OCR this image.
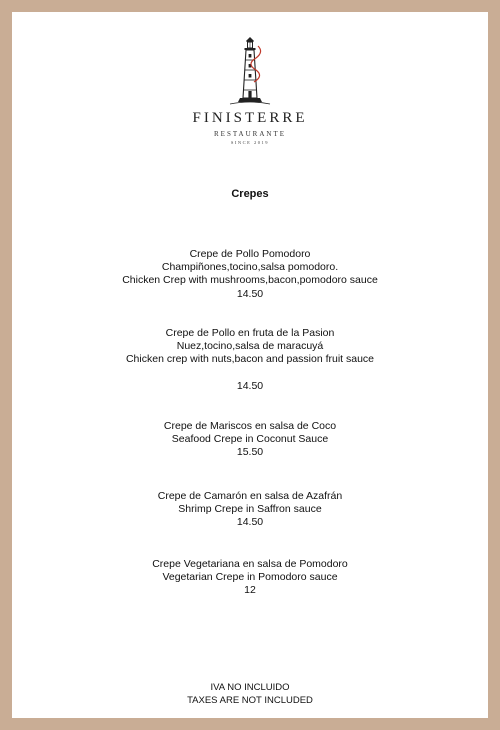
FINISTERRE
RESTAURANTE
SINCE 2019
Crepes
Crepe de Pollo Pomodoro
Champiñones,tocino,salsa pomodoro.
Chicken Crep with mushrooms,bacon,pomodoro sauce
14.50
Crepe de Pollo en fruta de la Pasion
Nuez,tocino,salsa de maracuyá
Chicken crep with nuts,bacon and passion fruit sauce
14.50
Crepe de Mariscos en salsa de Coco
Seafood Crepe in Coconut Sauce
15.50
Crepe de Camarón en salsa de Azafrán
Shrimp Crepe in Saffron sauce
14.50
Crepe Vegetariana en salsa de Pomodoro
Vegetarian Crepe in Pomodoro sauce
12
IVA NO INCLUIDO
TAXES ARE NOT INCLUDED
